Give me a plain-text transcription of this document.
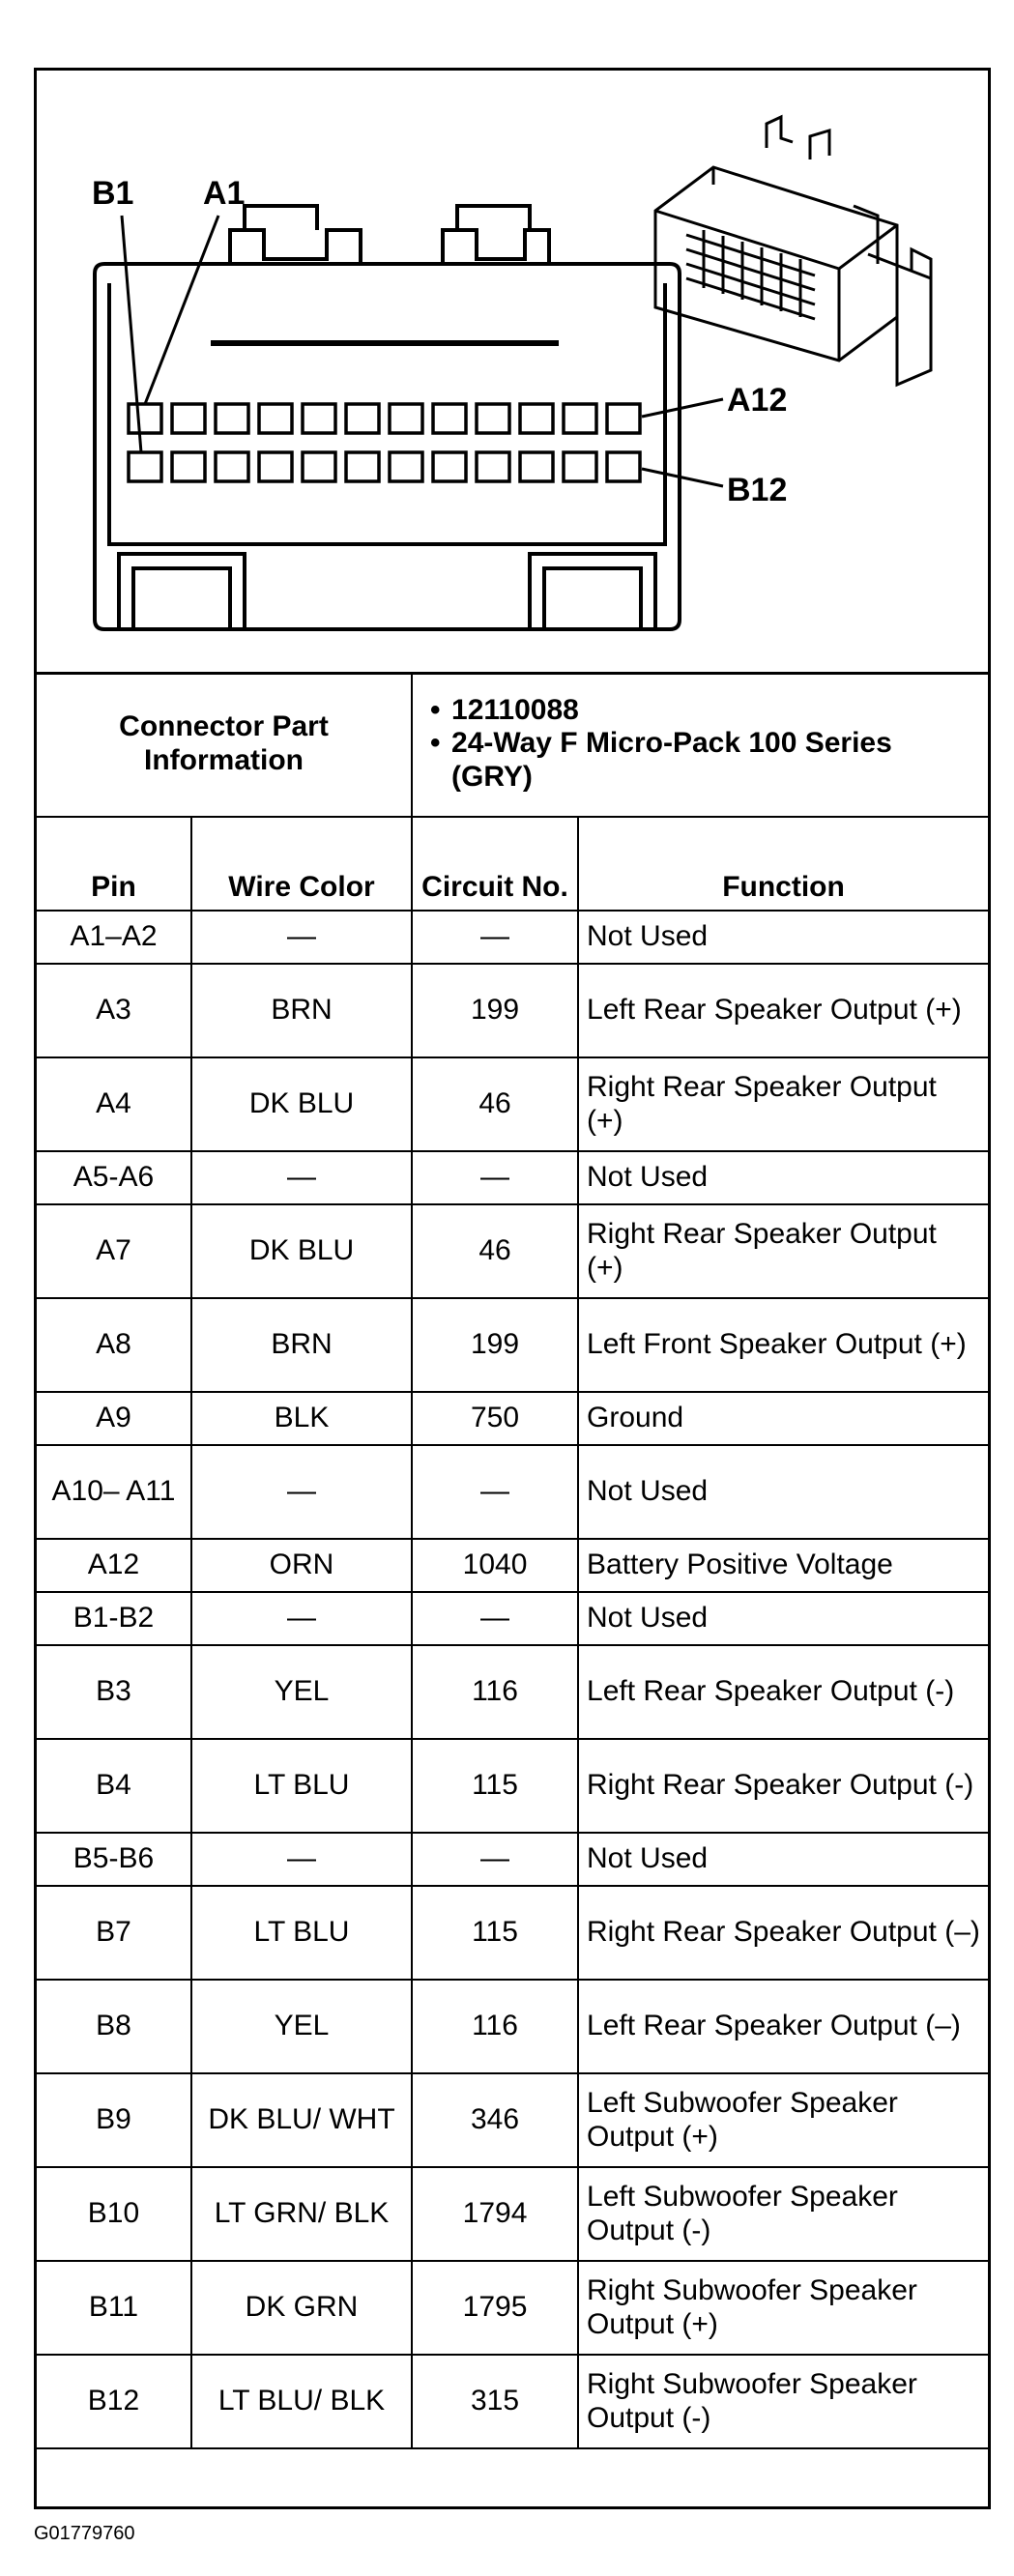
B1 A1
A12
B12
Connector Part Information		• 12110088
• 24-Way F Micro-Pack 100 Series (GRY)

Pin	Wire Color	Circuit No.	Function
A1–A2	—	—	Not Used
A3	BRN	199	Left Rear Speaker Output (+)
A4	DK BLU	46	Right Rear Speaker Output (+)
A5-A6	—	—	Not Used
A7	DK BLU	46	Right Rear Speaker Output (+)
A8	BRN	199	Left Front Speaker Output (+)
A9	BLK	750	Ground
A10– A11	—	—	Not Used
A12	ORN	1040	Battery Positive Voltage
B1-B2	—	—	Not Used
B3	YEL	116	Left Rear Speaker Output (-)
B4	LT BLU	115	Right Rear Speaker Output (-)
B5-B6	—	—	Not Used
B7	LT BLU	115	Right Rear Speaker Output (–)
B8	YEL	116	Left Rear Speaker Output (–)
B9	DK BLU/ WHT	346	Left Subwoofer Speaker Output (+)
B10	LT GRN/ BLK	1794	Left Subwoofer Speaker Output (-)
B11	DK GRN	1795	Right Subwoofer Speaker Output (+)
B12	LT BLU/ BLK	315	Right Subwoofer Speaker Output (-)
G01779760
